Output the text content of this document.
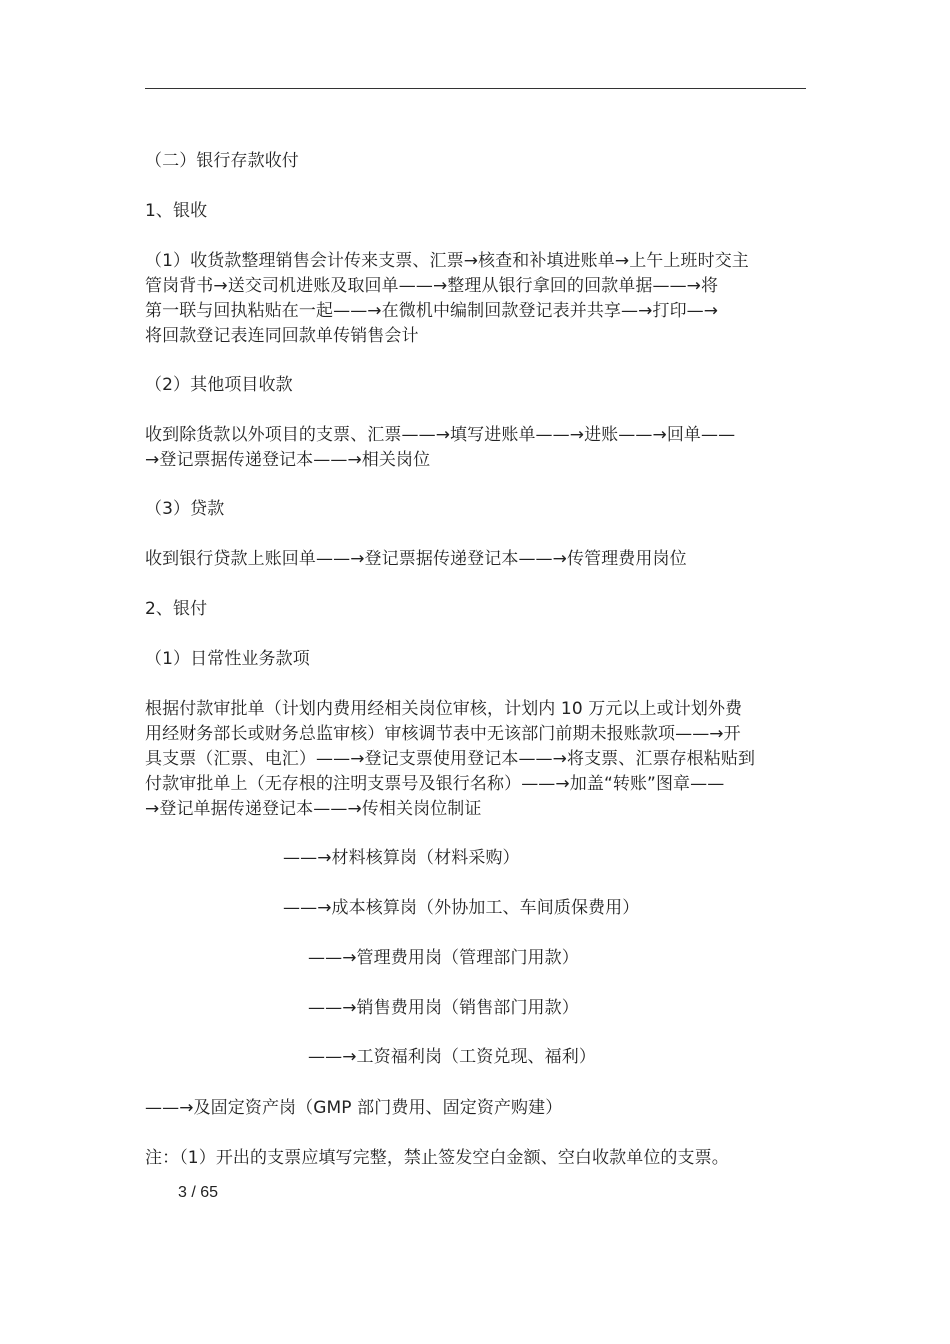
（二）银行存款收付
1、银收
（1）收货款整理销售会计传来支票、汇票→核查和补填进账单→上午上班时交主
管岗背书→送交司机进账及取回单——→整理从银行拿回的回款单据——→将
第一联与回执粘贴在一起——→在微机中编制回款登记表并共享—→打印—→
将回款登记表连同回款单传销售会计
（2）其他项目收款
收到除货款以外项目的支票、汇票——→填写进账单——→进账——→回单——
→登记票据传递登记本——→相关岗位
（3）贷款
收到银行贷款上账回单——→登记票据传递登记本——→传管理费用岗位
2、银付
（1）日常性业务款项
根据付款审批单（计划内费用经相关岗位审核，计划内 10 万元以上或计划外费
用经财务部长或财务总监审核）审核调节表中无该部门前期未报账款项——→开
具支票（汇票、电汇）——→登记支票使用登记本——→将支票、汇票存根粘贴到
付款审批单上（无存根的注明支票号及银行名称）——→加盖“转账”图章——
→登记单据传递登记本——→传相关岗位制证
——→材料核算岗（材料采购）
——→成本核算岗（外协加工、车间质保费用）
——→管理费用岗（管理部门用款）
——→销售费用岗（销售部门用款）
——→工资福利岗（工资兑现、福利）
——→及固定资产岗（GMP 部门费用、固定资产购建）
注：（1）开出的支票应填写完整，禁止签发空白金额、空白收款单位的支票。
3 / 65
